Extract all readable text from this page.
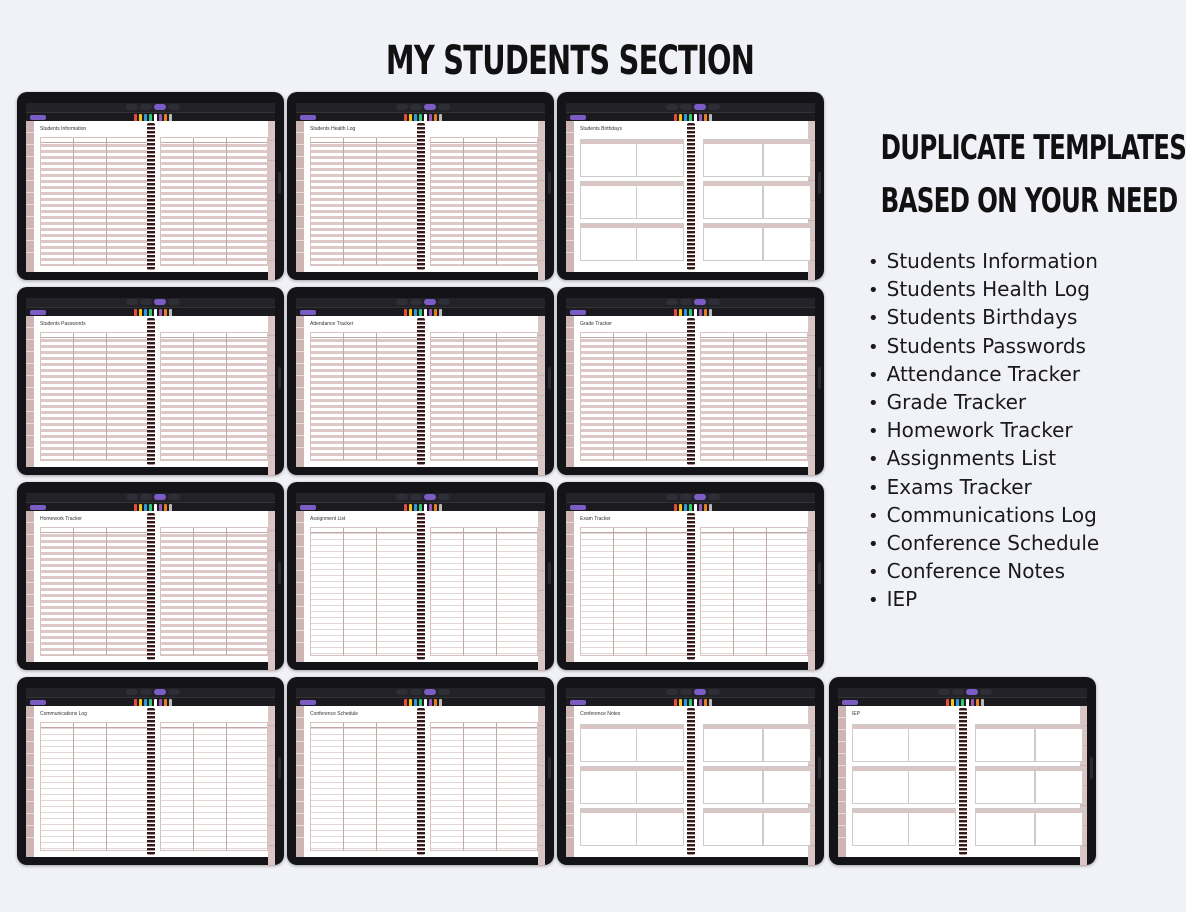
MY STUDENTS SECTION
DUPLICATE TEMPLATES
BASED ON YOUR NEED
• Students Information
• Students Health Log
• Students Birthdays
• Students Passwords
• Attendance Tracker
• Grade Tracker
• Homework Tracker
• Assignments List
• Exams Tracker
• Communications Log
• Conference Schedule
• Conference Notes
• IEP
Students Information	Students Health Log	Students Birthdays
Students Passwords	Attendance Tracker	Grade Tracker
Homework Tracker	Assignment List	Exam Tracker
Communications Log	Conference Schedule	Conference Notes	IEP
